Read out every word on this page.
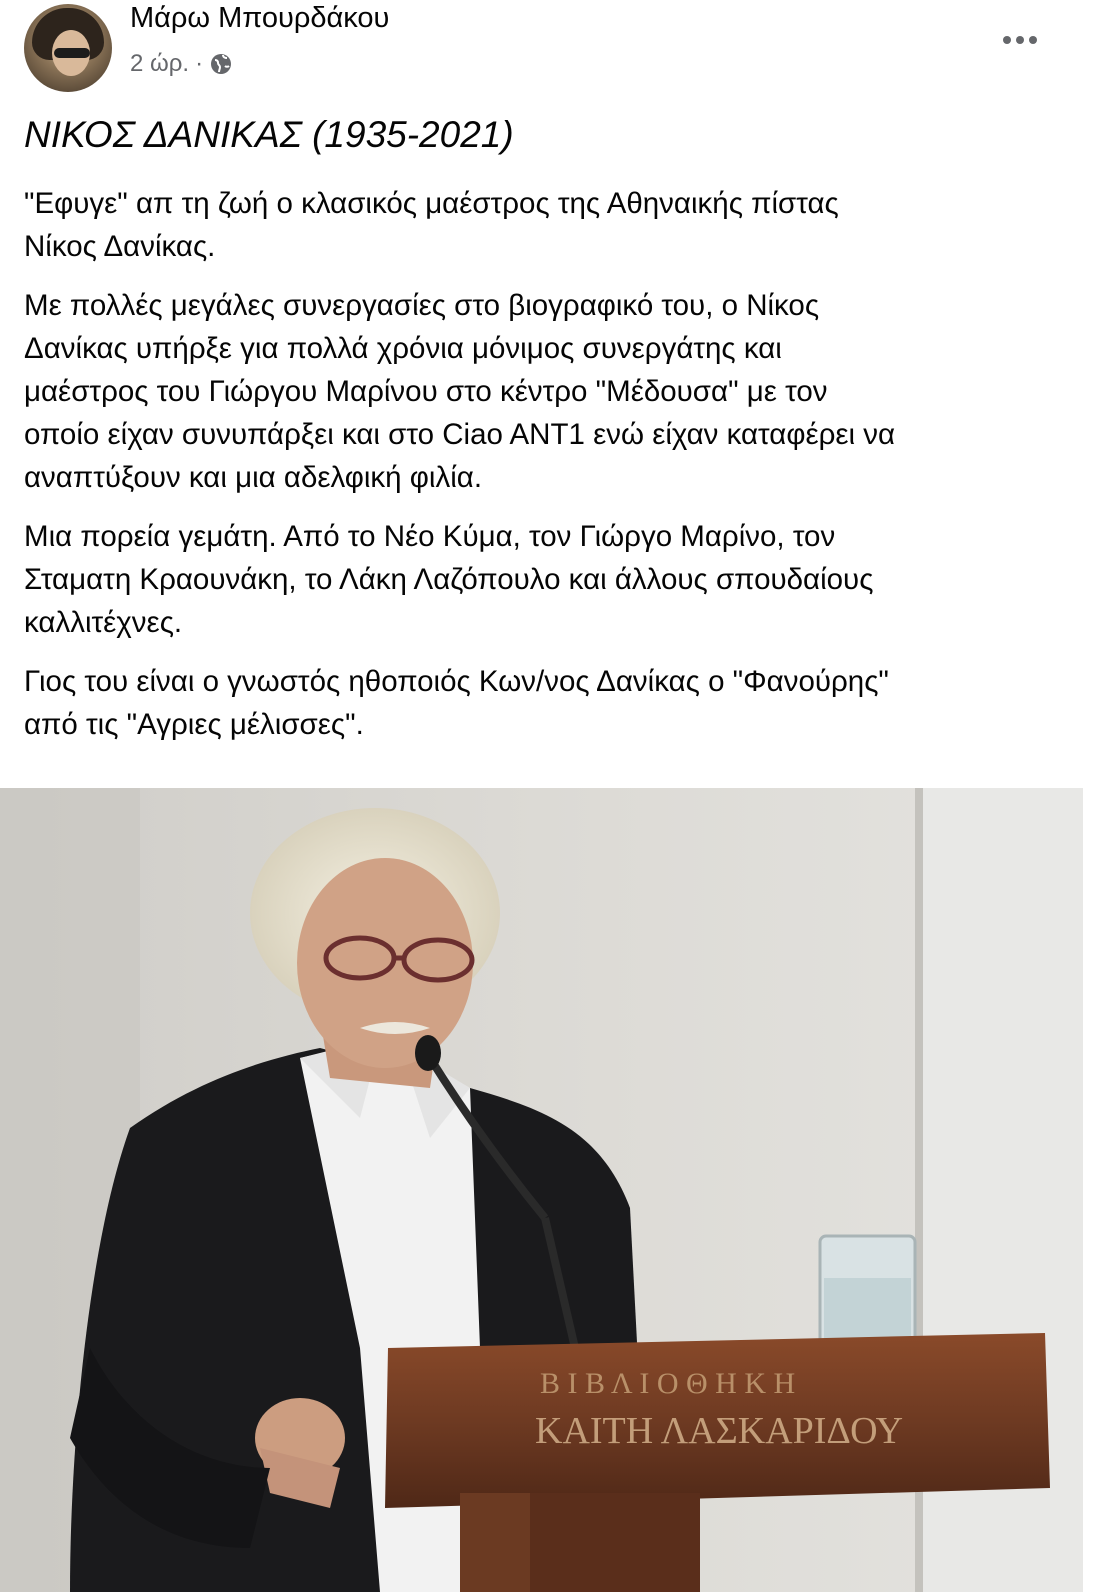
Μάρω Μπουρδάκου
2 ώρ. ·
ΝΙΚΟΣ ΔΑΝΙΚΑΣ (1935-2021)

"Εφυγε" απ τη ζωή ο κλασικός μαέστρος της Αθηναικής πίστας
Νίκος Δανίκας.

Με πολλές μεγάλες συνεργασίες στο βιογραφικό του, ο Νίκος
Δανίκας υπήρξε για πολλά χρόνια μόνιμος συνεργάτης και
μαέστρος του Γιώργου Μαρίνου στο κέντρο "Μέδουσα" με τον
οποίο είχαν συνυπάρξει και στο Ciao ANT1 ενώ είχαν καταφέρει να
αναπτύξουν και μια αδελφική φιλία.

Μια πορεία γεμάτη. Από το Νέο Κύμα, τον Γιώργο Μαρίνο, τον
Σταματη Κραουνάκη, το Λάκη Λαζόπουλο και άλλους σπουδαίους
καλλιτέχνες.

Γιος του είναι ο γνωστός ηθοποιός Κων/νος Δανίκας ο "Φανούρης"
από τις "Αγριες μέλισσες".

Β Ι Β Λ Ι Ο Θ Η Κ Η
ΚΑΙΤΗ ΛΑΣΚΑΡΙΔΟΥ
